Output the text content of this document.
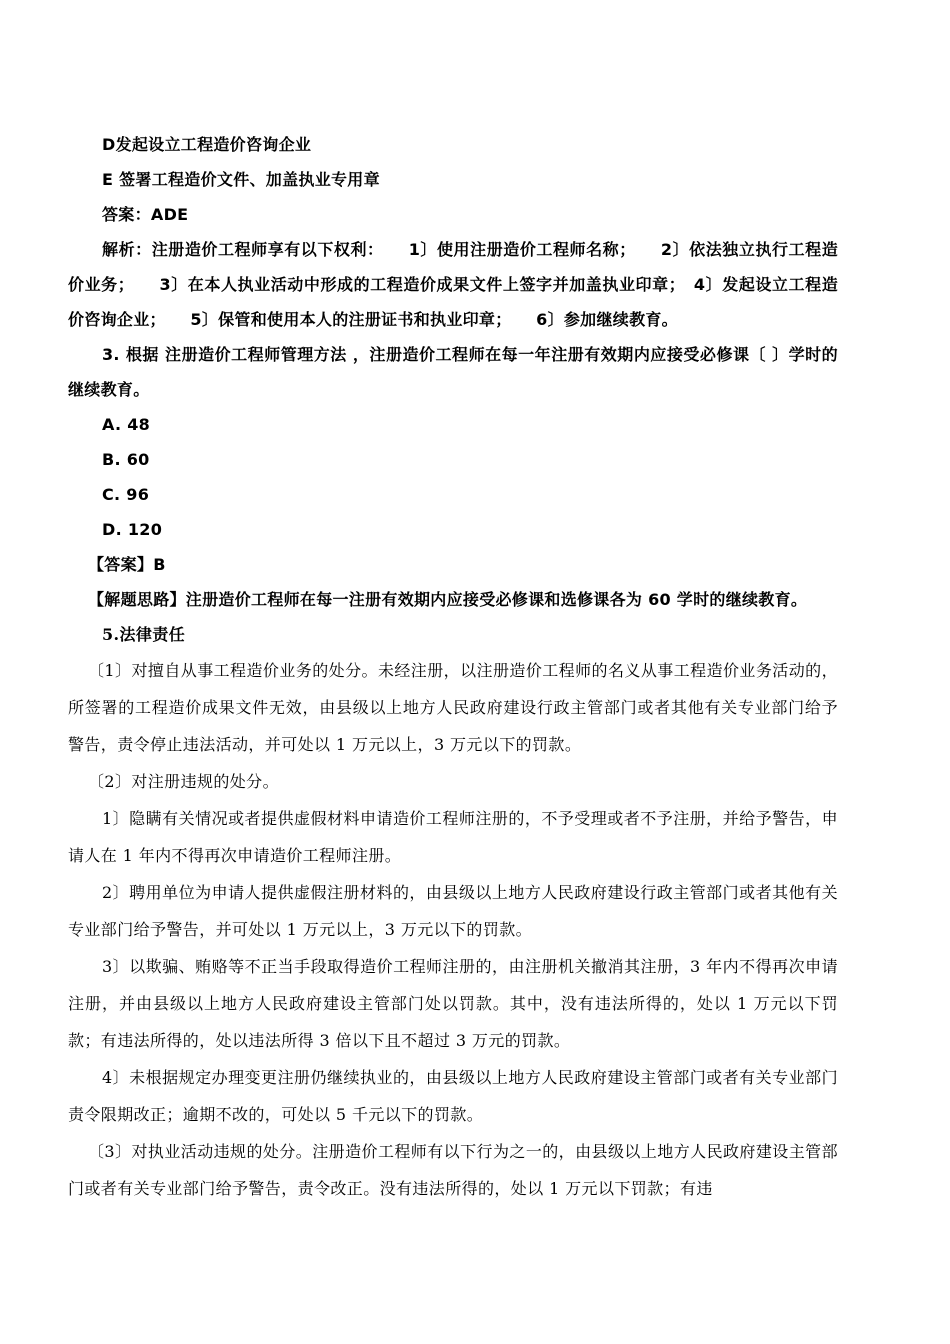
D发起设立工程造价咨询企业

E 签署工程造价文件、加盖执业专用章

答案：ADE

解析：注册造价工程师享有以下权利：　　1〕使用注册造价工程师名称；　　2〕依法独立执行工程造价业务；　　3〕在本人执业活动中形成的工程造价成果文件上签字并加盖执业印章；　4〕发起设立工程造价咨询企业；　　5〕保管和使用本人的注册证书和执业印章；　　6〕参加继续教育。

3. 根据 注册造价工程师管理方法 ，注册造价工程师在每一年注册有效期内应接受必修课〔 〕学时的继续教育。

A. 48

B. 60

C. 96

D. 120

【答案】B

【解题思路】注册造价工程师在每一注册有效期内应接受必修课和选修课各为 60 学时的继续教育。

5.法律责任

〔1〕对擅自从事工程造价业务的处分。未经注册，以注册造价工程师的名义从事工程造价业务活动的，所签署的工程造价成果文件无效，由县级以上地方人民政府建设行政主管部门或者其他有关专业部门给予警告，责令停止违法活动，并可处以 1 万元以上，3 万元以下的罚款。

〔2〕对注册违规的处分。

1〕隐瞒有关情况或者提供虚假材料申请造价工程师注册的，不予受理或者不予注册，并给予警告，申请人在 1 年内不得再次申请造价工程师注册。

2〕聘用单位为申请人提供虚假注册材料的，由县级以上地方人民政府建设行政主管部门或者其他有关专业部门给予警告，并可处以 1 万元以上，3 万元以下的罚款。

3〕以欺骗、贿赂等不正当手段取得造价工程师注册的，由注册机关撤消其注册，3 年内不得再次申请注册，并由县级以上地方人民政府建设主管部门处以罚款。其中，没有违法所得的，处以 1 万元以下罚款；有违法所得的，处以违法所得 3 倍以下且不超过 3 万元的罚款。

4〕未根据规定办理变更注册仍继续执业的，由县级以上地方人民政府建设主管部门或者有关专业部门责令限期改正；逾期不改的，可处以 5 千元以下的罚款。

〔3〕对执业活动违规的处分。注册造价工程师有以下行为之一的，由县级以上地方人民政府建设主管部门或者有关专业部门给予警告，责令改正。没有违法所得的，处以 1 万元以下罚款；有违
